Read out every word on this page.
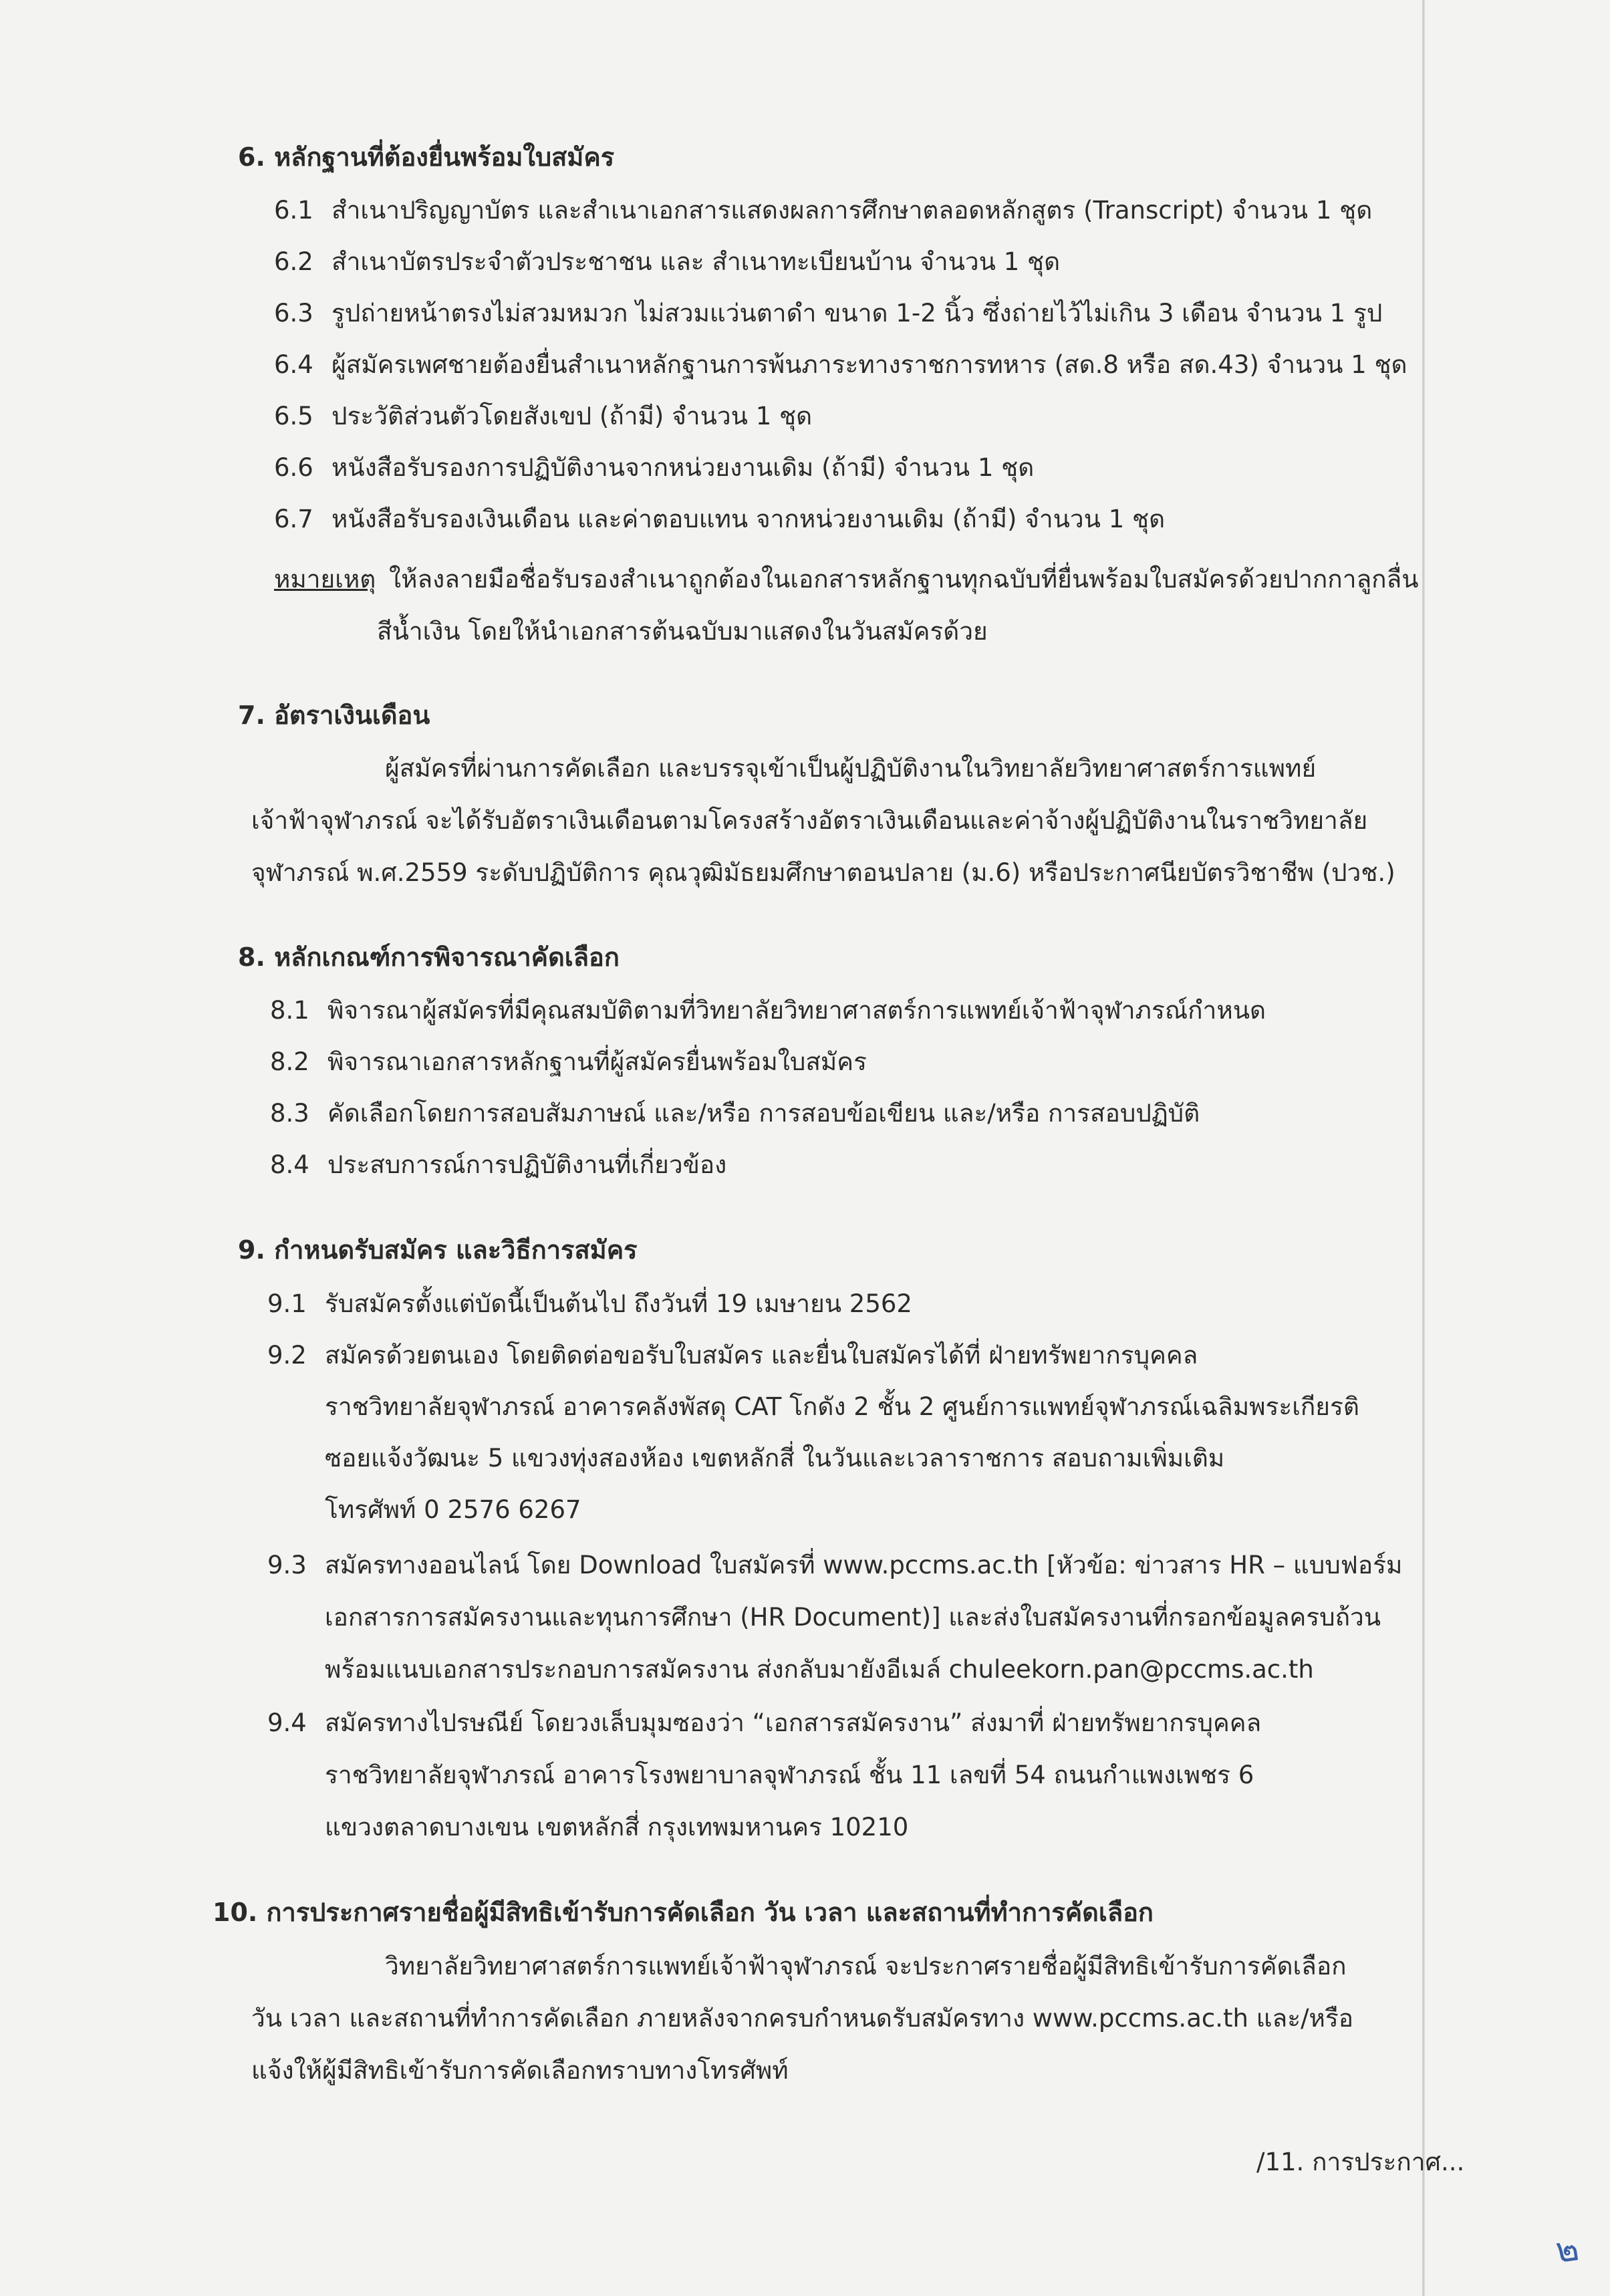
6. หลักฐานที่ต้องยื่นพร้อมใบสมัคร
6.1 สำเนาปริญญาบัตร และสำเนาเอกสารแสดงผลการศึกษาตลอดหลักสูตร (Transcript) จำนวน 1 ชุด
6.2 สำเนาบัตรประจำตัวประชาชน และ สำเนาทะเบียนบ้าน จำนวน 1 ชุด
6.3 รูปถ่ายหน้าตรงไม่สวมหมวก ไม่สวมแว่นตาดำ ขนาด 1-2 นิ้ว ซึ่งถ่ายไว้ไม่เกิน 3 เดือน จำนวน 1 รูป
6.4 ผู้สมัครเพศชายต้องยื่นสำเนาหลักฐานการพ้นภาระทางราชการทหาร (สด.8 หรือ สด.43) จำนวน 1 ชุด
6.5 ประวัติส่วนตัวโดยสังเขป (ถ้ามี) จำนวน 1 ชุด
6.6 หนังสือรับรองการปฏิบัติงานจากหน่วยงานเดิม (ถ้ามี) จำนวน 1 ชุด
6.7 หนังสือรับรองเงินเดือน และค่าตอบแทน จากหน่วยงานเดิม (ถ้ามี) จำนวน 1 ชุด
หมายเหตุ ให้ลงลายมือชื่อรับรองสำเนาถูกต้องในเอกสารหลักฐานทุกฉบับที่ยื่นพร้อมใบสมัครด้วยปากกาลูกลื่น
สีน้ำเงิน โดยให้นำเอกสารต้นฉบับมาแสดงในวันสมัครด้วย
7. อัตราเงินเดือน
ผู้สมัครที่ผ่านการคัดเลือก และบรรจุเข้าเป็นผู้ปฏิบัติงานในวิทยาลัยวิทยาศาสตร์การแพทย์
เจ้าฟ้าจุฬาภรณ์ จะได้รับอัตราเงินเดือนตามโครงสร้างอัตราเงินเดือนและค่าจ้างผู้ปฏิบัติงานในราชวิทยาลัย
จุฬาภรณ์ พ.ศ.2559 ระดับปฏิบัติการ คุณวุฒิมัธยมศึกษาตอนปลาย (ม.6) หรือประกาศนียบัตรวิชาชีพ (ปวช.)
8. หลักเกณฑ์การพิจารณาคัดเลือก
8.1 พิจารณาผู้สมัครที่มีคุณสมบัติตามที่วิทยาลัยวิทยาศาสตร์การแพทย์เจ้าฟ้าจุฬาภรณ์กำหนด
8.2 พิจารณาเอกสารหลักฐานที่ผู้สมัครยื่นพร้อมใบสมัคร
8.3 คัดเลือกโดยการสอบสัมภาษณ์ และ/หรือ การสอบข้อเขียน และ/หรือ การสอบปฏิบัติ
8.4 ประสบการณ์การปฏิบัติงานที่เกี่ยวข้อง
9. กำหนดรับสมัคร และวิธีการสมัคร
9.1 รับสมัครตั้งแต่บัดนี้เป็นต้นไป ถึงวันที่ 19 เมษายน 2562
9.2 สมัครด้วยตนเอง โดยติดต่อขอรับใบสมัคร และยื่นใบสมัครได้ที่ ฝ่ายทรัพยากรบุคคล
ราชวิทยาลัยจุฬาภรณ์ อาคารคลังพัสดุ CAT โกดัง 2 ชั้น 2 ศูนย์การแพทย์จุฬาภรณ์เฉลิมพระเกียรติ
ซอยแจ้งวัฒนะ 5 แขวงทุ่งสองห้อง เขตหลักสี่ ในวันและเวลาราชการ สอบถามเพิ่มเติม
โทรศัพท์ 0 2576 6267
9.3 สมัครทางออนไลน์ โดย Download ใบสมัครที่ www.pccms.ac.th [หัวข้อ: ข่าวสาร HR – แบบฟอร์ม
เอกสารการสมัครงานและทุนการศึกษา (HR Document)] และส่งใบสมัครงานที่กรอกข้อมูลครบถ้วน
พร้อมแนบเอกสารประกอบการสมัครงาน ส่งกลับมายังอีเมล์ chuleekorn.pan@pccms.ac.th
9.4 สมัครทางไปรษณีย์ โดยวงเล็บมุมซองว่า “เอกสารสมัครงาน” ส่งมาที่ ฝ่ายทรัพยากรบุคคล
ราชวิทยาลัยจุฬาภรณ์ อาคารโรงพยาบาลจุฬาภรณ์ ชั้น 11 เลขที่ 54 ถนนกำแพงเพชร 6
แขวงตลาดบางเขน เขตหลักสี่ กรุงเทพมหานคร 10210
10. การประกาศรายชื่อผู้มีสิทธิเข้ารับการคัดเลือก วัน เวลา และสถานที่ทำการคัดเลือก
วิทยาลัยวิทยาศาสตร์การแพทย์เจ้าฟ้าจุฬาภรณ์ จะประกาศรายชื่อผู้มีสิทธิเข้ารับการคัดเลือก
วัน เวลา และสถานที่ทำการคัดเลือก ภายหลังจากครบกำหนดรับสมัครทาง www.pccms.ac.th และ/หรือ
แจ้งให้ผู้มีสิทธิเข้ารับการคัดเลือกทราบทางโทรศัพท์
/11. การประกาศ...
๒
